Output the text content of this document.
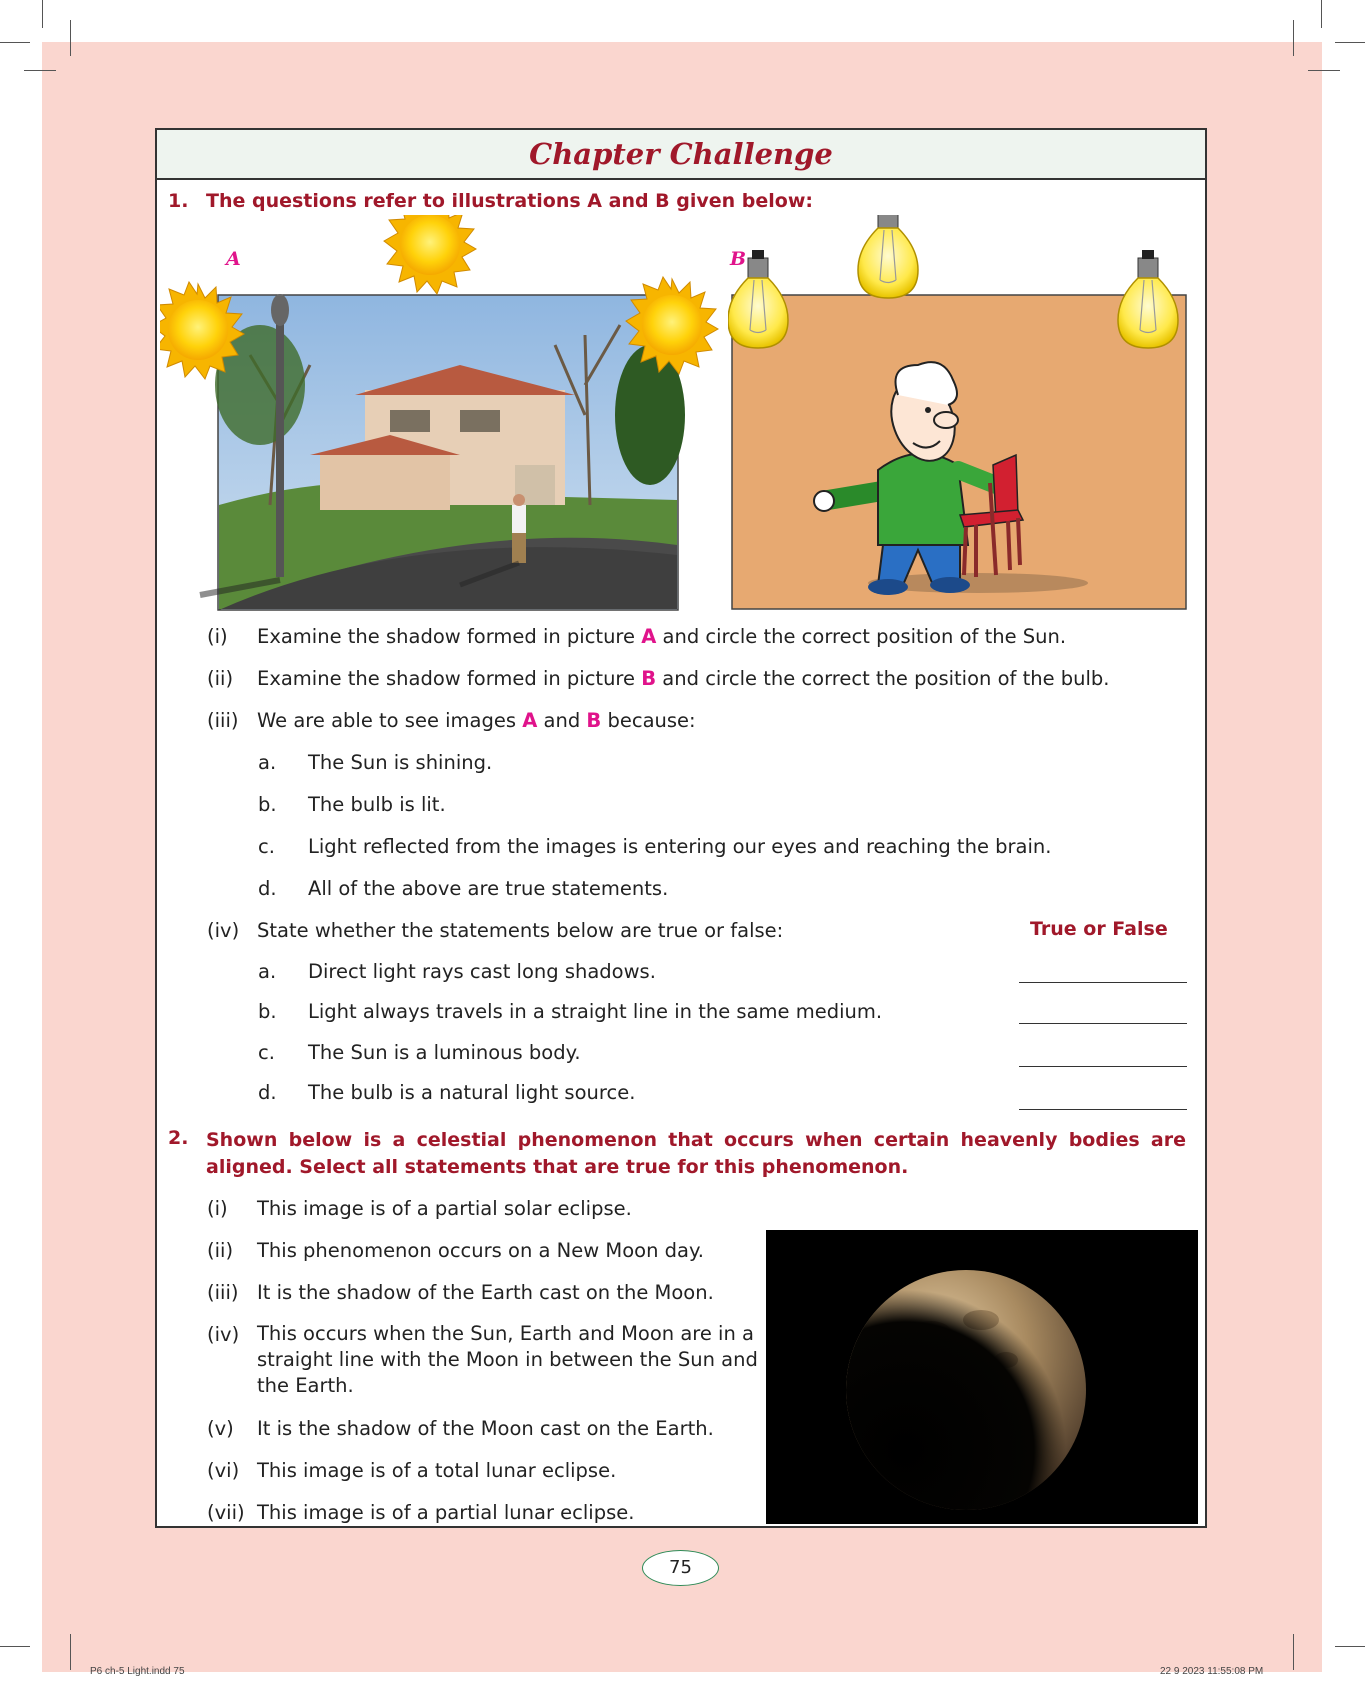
Chapter Challenge
1. The questions refer to illustrations A and B given below:
A	B
(i) Examine the shadow formed in picture A and circle the correct position of the Sun.
(ii) Examine the shadow formed in picture B and circle the correct the position of the bulb.
(iii) We are able to see images A and B because:
a. The Sun is shining.
b. The bulb is lit.
c. Light reflected from the images is entering our eyes and reaching the brain.
d. All of the above are true statements.
(iv) State whether the statements below are true or false:	True or False
a. Direct light rays cast long shadows.
b. Light always travels in a straight line in the same medium.
c. The Sun is a luminous body.
d. The bulb is a natural light source.
2. Shown below is a celestial phenomenon that occurs when certain heavenly bodies are aligned. Select all statements that are true for this phenomenon.
(i) This image is of a partial solar eclipse.
(ii) This phenomenon occurs on a New Moon day.
(iii) It is the shadow of the Earth cast on the Moon.
(iv) This occurs when the Sun, Earth and Moon are in a straight line with the Moon in between the Sun and the Earth.
(v) It is the shadow of the Moon cast on the Earth.
(vi) This image is of a total lunar eclipse.
(vii) This image is of a partial lunar eclipse.
75
P6 ch-5 Light.indd 75	22 9 2023 11:55:08 PM
